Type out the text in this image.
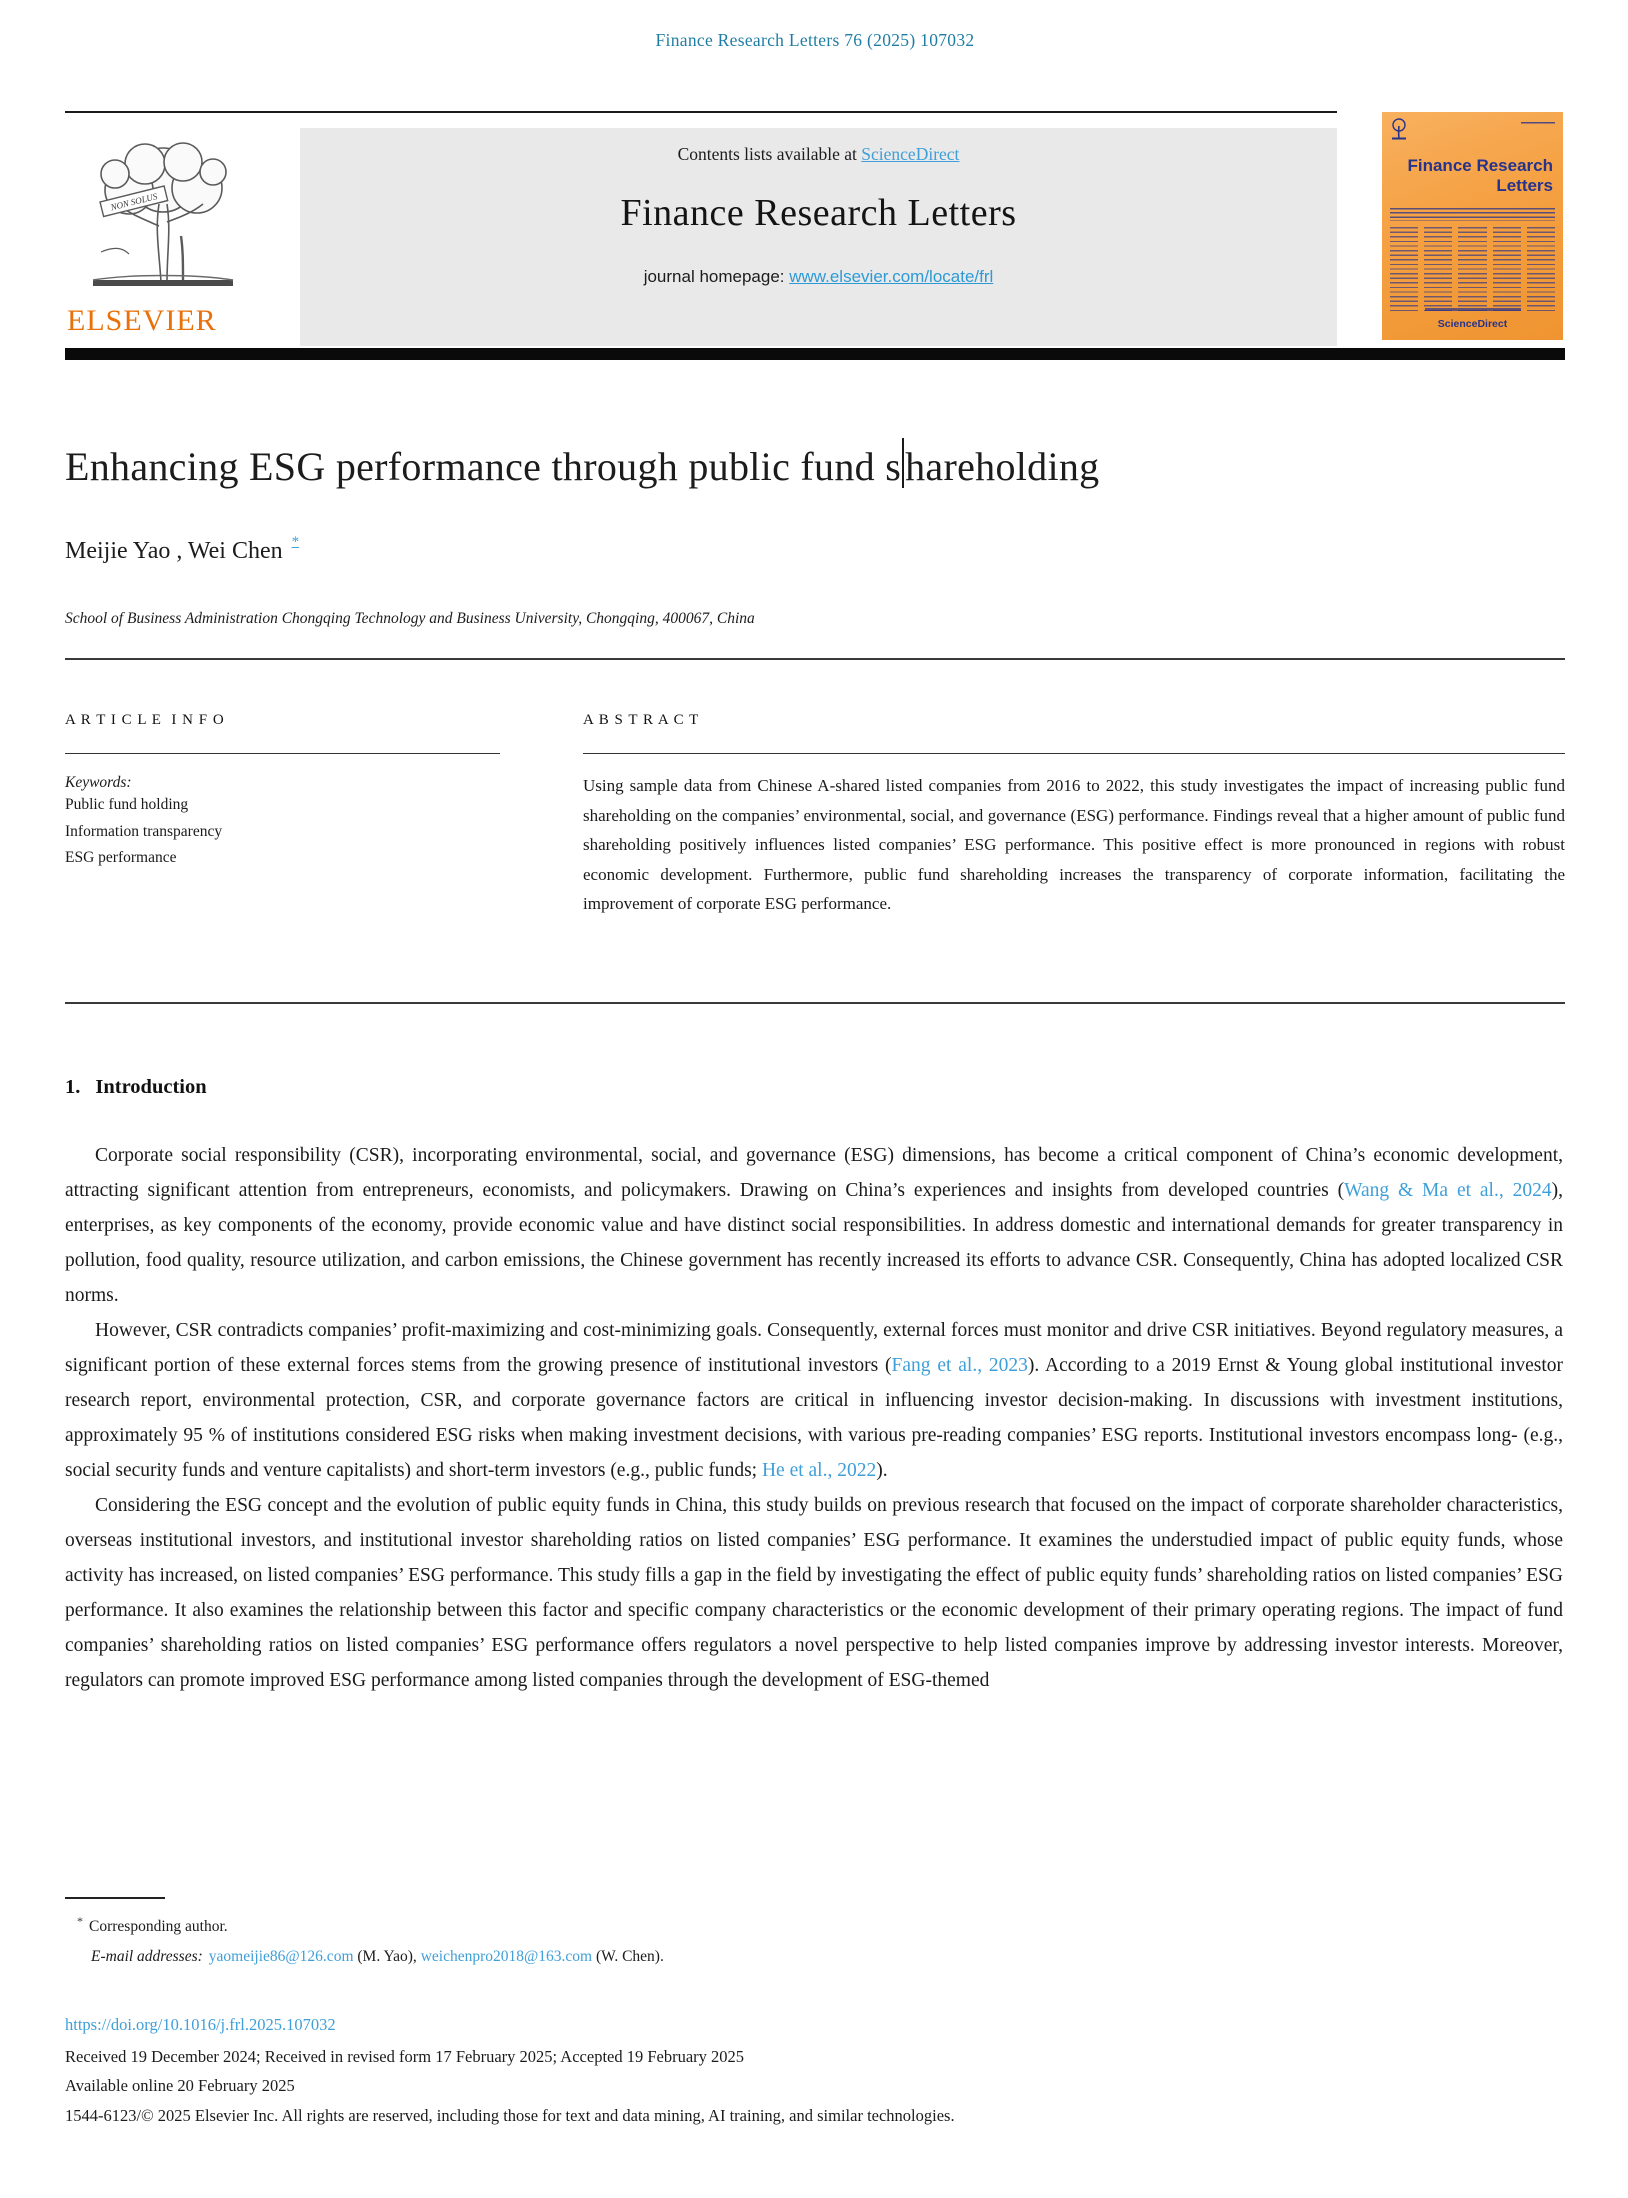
Finance Research Letters 76 (2025) 107032
NON SOLUS
ELSEVIER
Contents lists available at ScienceDirect
Finance Research Letters
journal homepage: www.elsevier.com/locate/frl
Finance Research
Letters
ScienceDirect
Enhancing ESG performance through public fund s hareholding
Meijie Yao , Wei Chen *
School of Business Administration Chongqing Technology and Business University, Chongqing, 400067, China
A R T I C L E  I N F O
Keywords:
Public fund holding
Information transparency
ESG performance
A B S T R A C T
Using sample data from Chinese A-shared listed companies from 2016 to 2022, this study investigates the impact of increasing public fund shareholding on the companies’ environmental, social, and governance (ESG) performance. Findings reveal that a higher amount of public fund shareholding positively influences listed companies’ ESG performance. This positive effect is more pronounced in regions with robust economic development. Furthermore, public fund shareholding increases the transparency of corporate information, facilitating the improvement of corporate ESG performance.
1. Introduction

Corporate social responsibility (CSR), incorporating environmental, social, and governance (ESG) dimensions, has become a critical component of China’s economic development, attracting significant attention from entrepreneurs, economists, and policymakers. Drawing on China’s experiences and insights from developed countries (Wang & Ma et al., 2024), enterprises, as key components of the economy, provide economic value and have distinct social responsibilities. In address domestic and international demands for greater transparency in pollution, food quality, resource utilization, and carbon emissions, the Chinese government has recently increased its efforts to advance CSR. Consequently, China has adopted localized CSR norms.

However, CSR contradicts companies’ profit-maximizing and cost-minimizing goals. Consequently, external forces must monitor and drive CSR initiatives. Beyond regulatory measures, a significant portion of these external forces stems from the growing presence of institutional investors (Fang et al., 2023). According to a 2019 Ernst & Young global institutional investor research report, environmental protection, CSR, and corporate governance factors are critical in influencing investor decision-making. In discussions with investment institutions, approximately 95 % of institutions considered ESG risks when making investment decisions, with various pre-reading companies’ ESG reports. Institutional investors encompass long- (e.g., social security funds and venture capitalists) and short-term investors (e.g., public funds; He et al., 2022).

Considering the ESG concept and the evolution of public equity funds in China, this study builds on previous research that focused on the impact of corporate shareholder characteristics, overseas institutional investors, and institutional investor shareholding ratios on listed companies’ ESG performance. It examines the understudied impact of public equity funds, whose activity has increased, on listed companies’ ESG performance. This study fills a gap in the field by investigating the effect of public equity funds’ shareholding ratios on listed companies’ ESG performance. It also examines the relationship between this factor and specific company characteristics or the economic development of their primary operating regions. The impact of fund companies’ shareholding ratios on listed companies’ ESG performance offers regulators a novel perspective to help listed companies improve by addressing investor interests. Moreover, regulators can promote improved ESG performance among listed companies through the development of ESG-themed

* Corresponding author.
E-mail addresses: yaomeijie86@126.com (M. Yao), weichenpro2018@163.com (W. Chen).
https://doi.org/10.1016/j.frl.2025.107032
Received 19 December 2024; Received in revised form 17 February 2025; Accepted 19 February 2025
Available online 20 February 2025
1544-6123/© 2025 Elsevier Inc. All rights are reserved, including those for text and data mining, AI training, and similar technologies.
